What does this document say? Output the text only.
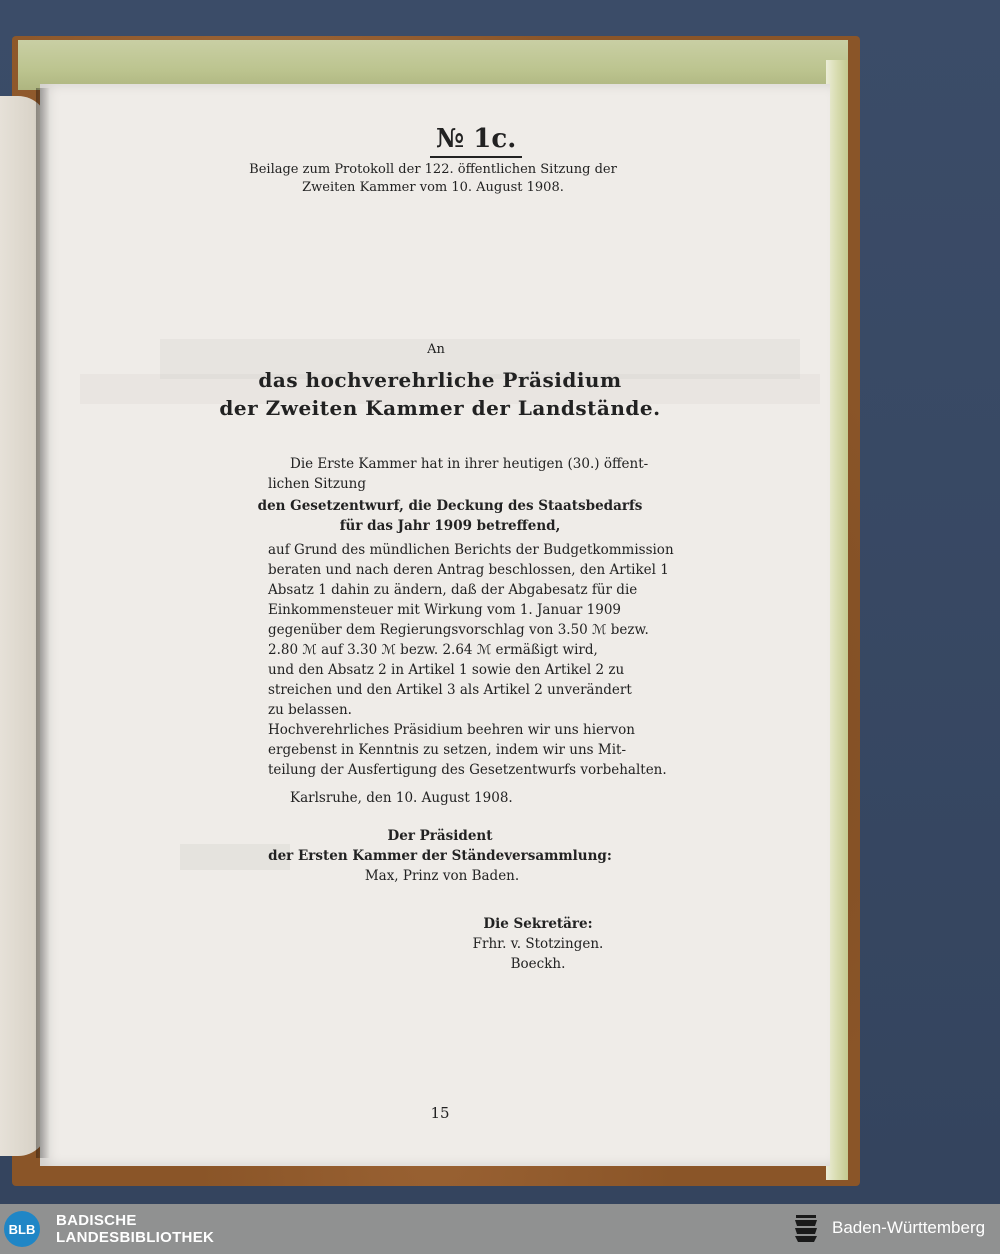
№ 1c.
Beilage zum Protokoll der 122. öffentlichen Sitzung der
Zweiten Kammer vom 10. August 1908.
An
das hochverehrliche Präsidium
der Zweiten Kammer der Landstände.
Die Erste Kammer hat in ihrer heutigen (30.) öffent-
lichen Sitzung
den Gesetzentwurf, die Deckung des Staatsbedarfs
für das Jahr 1909 betreffend,
auf Grund des mündlichen Berichts der Budgetkommission
beraten und nach deren Antrag beschlossen, den Artikel 1
Absatz 1 dahin zu ändern, daß der Abgabesatz für die
Einkommensteuer mit Wirkung vom 1. Januar 1909
gegenüber dem Regierungsvorschlag von 3.50 ℳ bezw.
2.80 ℳ auf 3.30 ℳ bezw. 2.64 ℳ ermäßigt wird,
und den Absatz 2 in Artikel 1 sowie den Artikel 2 zu
streichen und den Artikel 3 als Artikel 2 unverändert
zu belassen.
Hochverehrliches Präsidium beehren wir uns hiervon
ergebenst in Kenntnis zu setzen, indem wir uns Mit-
teilung der Ausfertigung des Gesetzentwurfs vorbehalten.
Karlsruhe, den 10. August 1908.
Der Präsident
der Ersten Kammer der Ständeversammlung:
Max, Prinz von Baden.
Die Sekretäre:
Frhr. v. Stotzingen.
Boeckh.
15
BLB BADISCHE
LANDESBIBLIOTHEK
Baden-Württemberg
